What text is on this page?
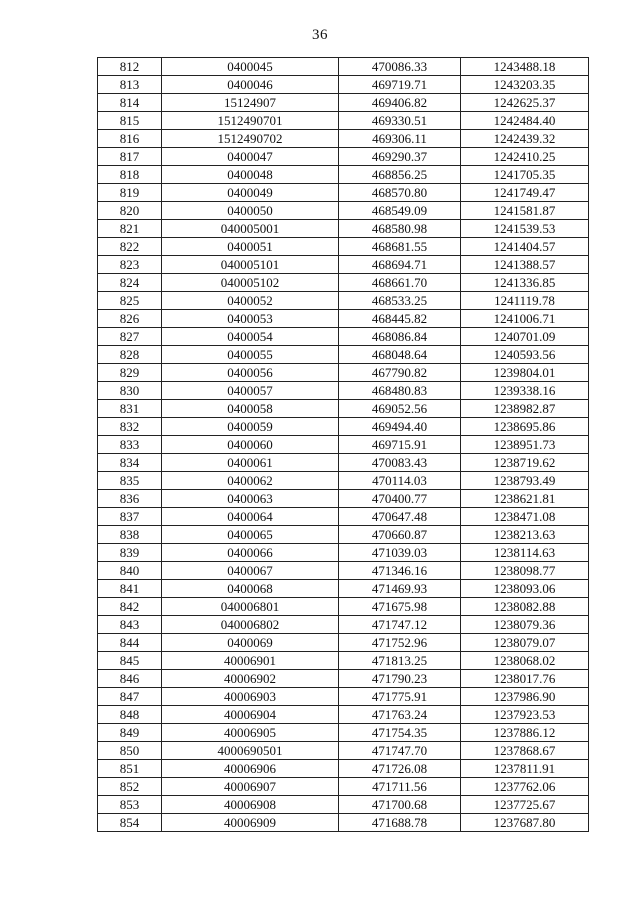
36
812	0400045	470086.33	1243488.18
813	0400046	469719.71	1243203.35
814	15124907	469406.82	1242625.37
815	1512490701	469330.51	1242484.40
816	1512490702	469306.11	1242439.32
817	0400047	469290.37	1242410.25
818	0400048	468856.25	1241705.35
819	0400049	468570.80	1241749.47
820	0400050	468549.09	1241581.87
821	040005001	468580.98	1241539.53
822	0400051	468681.55	1241404.57
823	040005101	468694.71	1241388.57
824	040005102	468661.70	1241336.85
825	0400052	468533.25	1241119.78
826	0400053	468445.82	1241006.71
827	0400054	468086.84	1240701.09
828	0400055	468048.64	1240593.56
829	0400056	467790.82	1239804.01
830	0400057	468480.83	1239338.16
831	0400058	469052.56	1238982.87
832	0400059	469494.40	1238695.86
833	0400060	469715.91	1238951.73
834	0400061	470083.43	1238719.62
835	0400062	470114.03	1238793.49
836	0400063	470400.77	1238621.81
837	0400064	470647.48	1238471.08
838	0400065	470660.87	1238213.63
839	0400066	471039.03	1238114.63
840	0400067	471346.16	1238098.77
841	0400068	471469.93	1238093.06
842	040006801	471675.98	1238082.88
843	040006802	471747.12	1238079.36
844	0400069	471752.96	1238079.07
845	40006901	471813.25	1238068.02
846	40006902	471790.23	1238017.76
847	40006903	471775.91	1237986.90
848	40006904	471763.24	1237923.53
849	40006905	471754.35	1237886.12
850	4000690501	471747.70	1237868.67
851	40006906	471726.08	1237811.91
852	40006907	471711.56	1237762.06
853	40006908	471700.68	1237725.67
854	40006909	471688.78	1237687.80
